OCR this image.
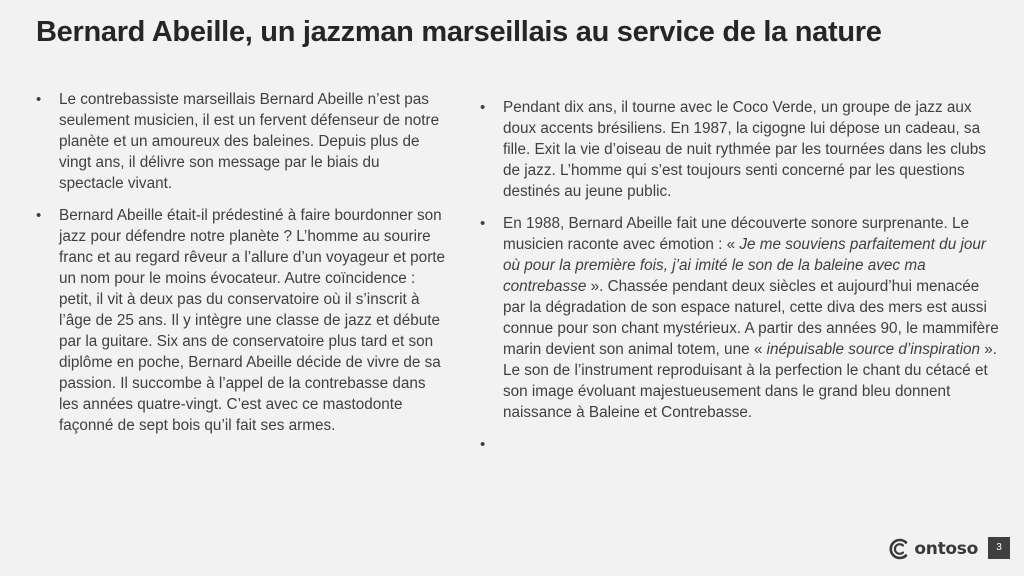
Bernard Abeille, un jazzman marseillais au service de la nature
• Le contrebassiste marseillais Bernard Abeille n’est pas seulement musicien, il est un fervent défenseur de notre planète et un amoureux des baleines. Depuis plus de vingt ans, il délivre son message par le biais du spectacle vivant.
• Bernard Abeille était-il prédestiné à faire bourdonner son jazz pour défendre notre planète ? L’homme au sourire franc et au regard rêveur a l’allure d’un voyageur et porte un nom pour le moins évocateur. Autre coïncidence : petit, il vit à deux pas du conservatoire où il s’inscrit à l’âge de 25 ans. Il y intègre une classe de jazz et débute par la guitare. Six ans de conservatoire plus tard et son diplôme en poche, Bernard Abeille décide de vivre de sa passion. Il succombe à l’appel de la contrebasse dans les années quatre-vingt. C’est avec ce mastodonte façonné de sept bois qu’il fait ses armes.
• Pendant dix ans, il tourne avec le Coco Verde, un groupe de jazz aux doux accents brésiliens. En 1987, la cigogne lui dépose un cadeau, sa fille. Exit la vie d’oiseau de nuit rythmée par les tournées dans les clubs de jazz. L’homme qui s’est toujours senti concerné par les questions destinés au jeune public.
• En 1988, Bernard Abeille fait une découverte sonore surprenante. Le musicien raconte avec émotion : « Je me souviens parfaitement du jour où pour la première fois, j’ai imité le son de la baleine avec ma contrebasse ». Chassée pendant deux siècles et aujourd’hui menacée par la dégradation de son espace naturel, cette diva des mers est aussi connue pour son chant mystérieux. A partir des années 90, le mammifère marin devient son animal totem, une « inépuisable source d’inspiration ». Le son de l’instrument reproduisant à la perfection le chant du cétacé et son image évoluant majestueusement dans le grand bleu donnent naissance à Baleine et Contrebasse.
•
ontoso	3
